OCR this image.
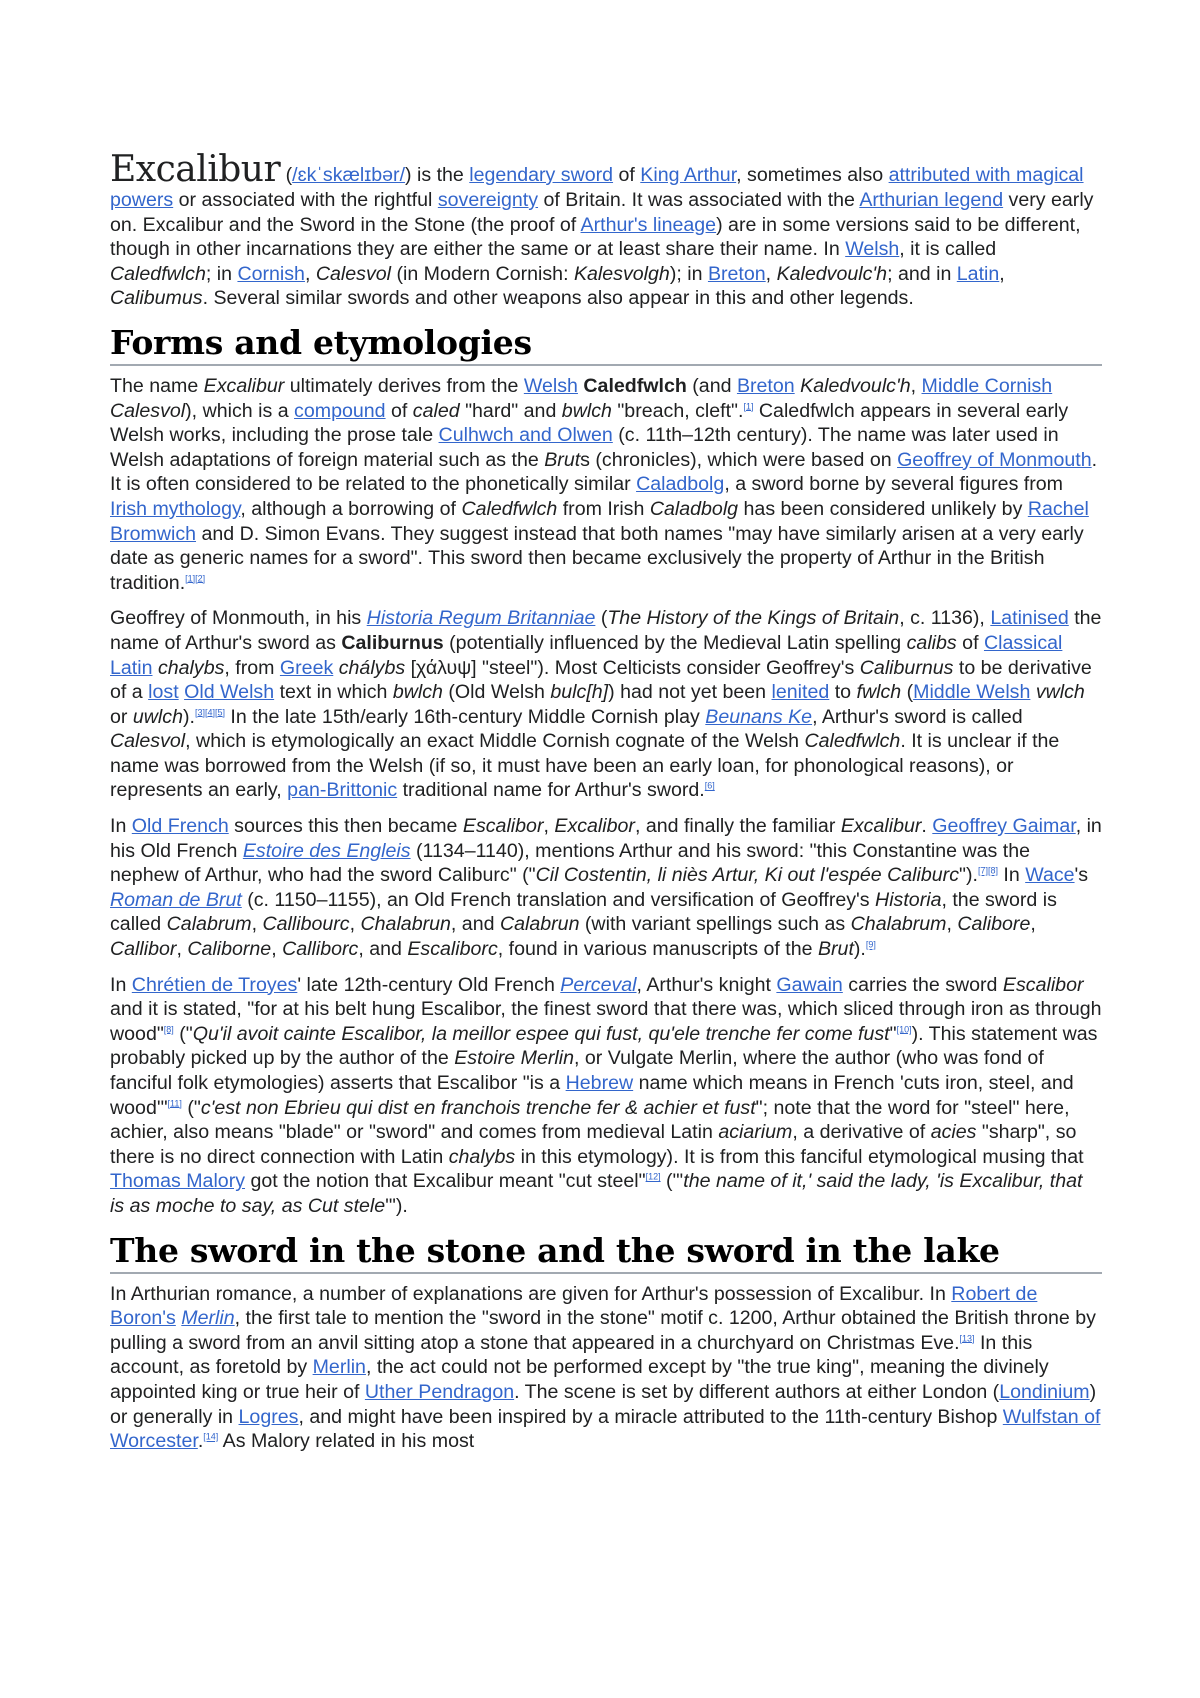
Excalibur (/ɛkˈskælɪbər/) is the legendary sword of King Arthur, sometimes also attributed with magical powers or associated with the rightful sovereignty of Britain. It was associated with the Arthurian legend very early on. Excalibur and the Sword in the Stone (the proof of Arthur's lineage) are in some versions said to be different, though in other incarnations they are either the same or at least share their name. In Welsh, it is called Caledfwlch; in Cornish, Calesvol (in Modern Cornish: Kalesvolgh); in Breton, Kaledvoulc'h; and in Latin, Calibumus. Several similar swords and other weapons also appear in this and other legends.

Forms and etymologies

The name Excalibur ultimately derives from the Welsh Caledfwlch (and Breton Kaledvoulc'h, Middle Cornish Calesvol), which is a compound of caled "hard" and bwlch "breach, cleft".[1] Caledfwlch appears in several early Welsh works, including the prose tale Culhwch and Olwen (c. 11th–12th century). The name was later used in Welsh adaptations of foreign material such as the Bruts (chronicles), which were based on Geoffrey of Monmouth. It is often considered to be related to the phonetically similar Caladbolg, a sword borne by several figures from Irish mythology, although a borrowing of Caledfwlch from Irish Caladbolg has been considered unlikely by Rachel Bromwich and D. Simon Evans. They suggest instead that both names "may have similarly arisen at a very early date as generic names for a sword". This sword then became exclusively the property of Arthur in the British tradition.[1][2]

Geoffrey of Monmouth, in his Historia Regum Britanniae (The History of the Kings of Britain, c. 1136), Latinised the name of Arthur's sword as Caliburnus (potentially influenced by the Medieval Latin spelling calibs of Classical Latin chalybs, from Greek chálybs [χάλυψ] "steel"). Most Celticists consider Geoffrey's Caliburnus to be derivative of a lost Old Welsh text in which bwlch (Old Welsh bulc[h]) had not yet been lenited to fwlch (Middle Welsh vwlch or uwlch).[3][4][5] In the late 15th/early 16th-century Middle Cornish play Beunans Ke, Arthur's sword is called Calesvol, which is etymologically an exact Middle Cornish cognate of the Welsh Caledfwlch. It is unclear if the name was borrowed from the Welsh (if so, it must have been an early loan, for phonological reasons), or represents an early, pan-Brittonic traditional name for Arthur's sword.[6]

In Old French sources this then became Escalibor, Excalibor, and finally the familiar Excalibur. Geoffrey Gaimar, in his Old French Estoire des Engleis (1134–1140), mentions Arthur and his sword: "this Constantine was the nephew of Arthur, who had the sword Caliburc" ("Cil Costentin, li niès Artur, Ki out l'espée Caliburc").[7][8] In Wace's Roman de Brut (c. 1150–1155), an Old French translation and versification of Geoffrey's Historia, the sword is called Calabrum, Callibourc, Chalabrun, and Calabrun (with variant spellings such as Chalabrum, Calibore, Callibor, Caliborne, Calliborc, and Escaliborc, found in various manuscripts of the Brut).[9]

In Chrétien de Troyes' late 12th-century Old French Perceval, Arthur's knight Gawain carries the sword Escalibor and it is stated, "for at his belt hung Escalibor, the finest sword that there was, which sliced through iron as through wood"[8] ("Qu'il avoit cainte Escalibor, la meillor espee qui fust, qu'ele trenche fer come fust"[10]). This statement was probably picked up by the author of the Estoire Merlin, or Vulgate Merlin, where the author (who was fond of fanciful folk etymologies) asserts that Escalibor "is a Hebrew name which means in French 'cuts iron, steel, and wood'"[11] ("c'est non Ebrieu qui dist en franchois trenche fer & achier et fust"; note that the word for "steel" here, achier, also means "blade" or "sword" and comes from medieval Latin aciarium, a derivative of acies "sharp", so there is no direct connection with Latin chalybs in this etymology). It is from this fanciful etymological musing that Thomas Malory got the notion that Excalibur meant "cut steel"[12] ("'the name of it,' said the lady, 'is Excalibur, that is as moche to say, as Cut stele'").

The sword in the stone and the sword in the lake

In Arthurian romance, a number of explanations are given for Arthur's possession of Excalibur. In Robert de Boron's Merlin, the first tale to mention the "sword in the stone" motif c. 1200, Arthur obtained the British throne by pulling a sword from an anvil sitting atop a stone that appeared in a churchyard on Christmas Eve.[13] In this account, as foretold by Merlin, the act could not be performed except by "the true king", meaning the divinely appointed king or true heir of Uther Pendragon. The scene is set by different authors at either London (Londinium) or generally in Logres, and might have been inspired by a miracle attributed to the 11th-century Bishop Wulfstan of Worcester.[14] As Malory related in his most
